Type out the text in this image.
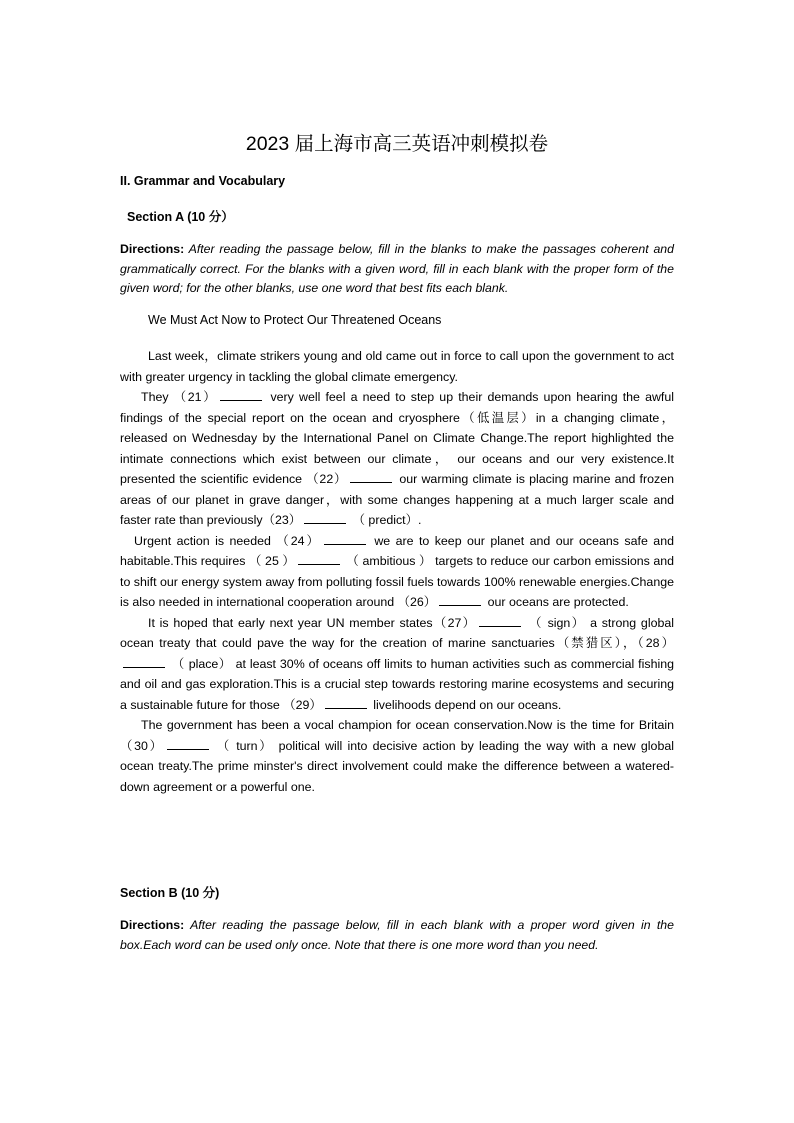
2023 届上海市高三英语冲刺模拟卷
II. Grammar and Vocabulary
Section A (10 分）
Directions: After reading the passage below, fill in the blanks to make the passages coherent and grammatically correct. For the blanks with a given word, fill in each blank with the proper form of the given word; for the other blanks, use one word that best fits each blank.
We Must Act Now to Protect Our Threatened Oceans

Last week，climate strikers young and old came out in force to call upon the government to act with greater urgency in tackling the global climate emergency.

They （21）	very well feel a need to step up their demands upon hearing the awful findings of the special report on the ocean and cryosphere（低温层）in a changing climate，released on Wednesday by the International Panel on Climate Change.The report highlighted the intimate connections which exist between our climate， our oceans and our very existence.It presented the scientific evidence （22）	our warming climate is placing marine and frozen areas of our planet in grave danger，with some changes happening at a much larger scale and faster rate than previously（23）	（ predict）.

Urgent action is needed （24）	we are to keep our planet and our oceans safe and habitable.This requires （ 25 ）	（ ambitious ） targets to reduce our carbon emissions and to shift our energy system away from polluting fossil fuels towards 100% renewable energies.Change is also needed in international cooperation around （26）	our oceans are protected.

It is hoped that early next year UN member states（27）	（ sign） a strong global ocean treaty that could pave the way for the creation of marine sanctuaries（禁猎区），（28） （ place） at least 30% of oceans off limits to human activities such as commercial fishing and oil and gas exploration.This is a crucial step towards restoring marine ecosystems and securing a sustainable future for those （29）	livelihoods depend on our oceans.

The government has been a vocal champion for ocean conservation.Now is the time for Britain （30）	（ turn） political will into decisive action by leading the way with a new global ocean treaty.The prime minster's direct involvement could make the difference between a watered-down agreement or a powerful one.

Section B (10 分)
Directions: After reading the passage below, fill in each blank with a proper word given in the box.Each word can be used only once. Note that there is one more word than you need.
